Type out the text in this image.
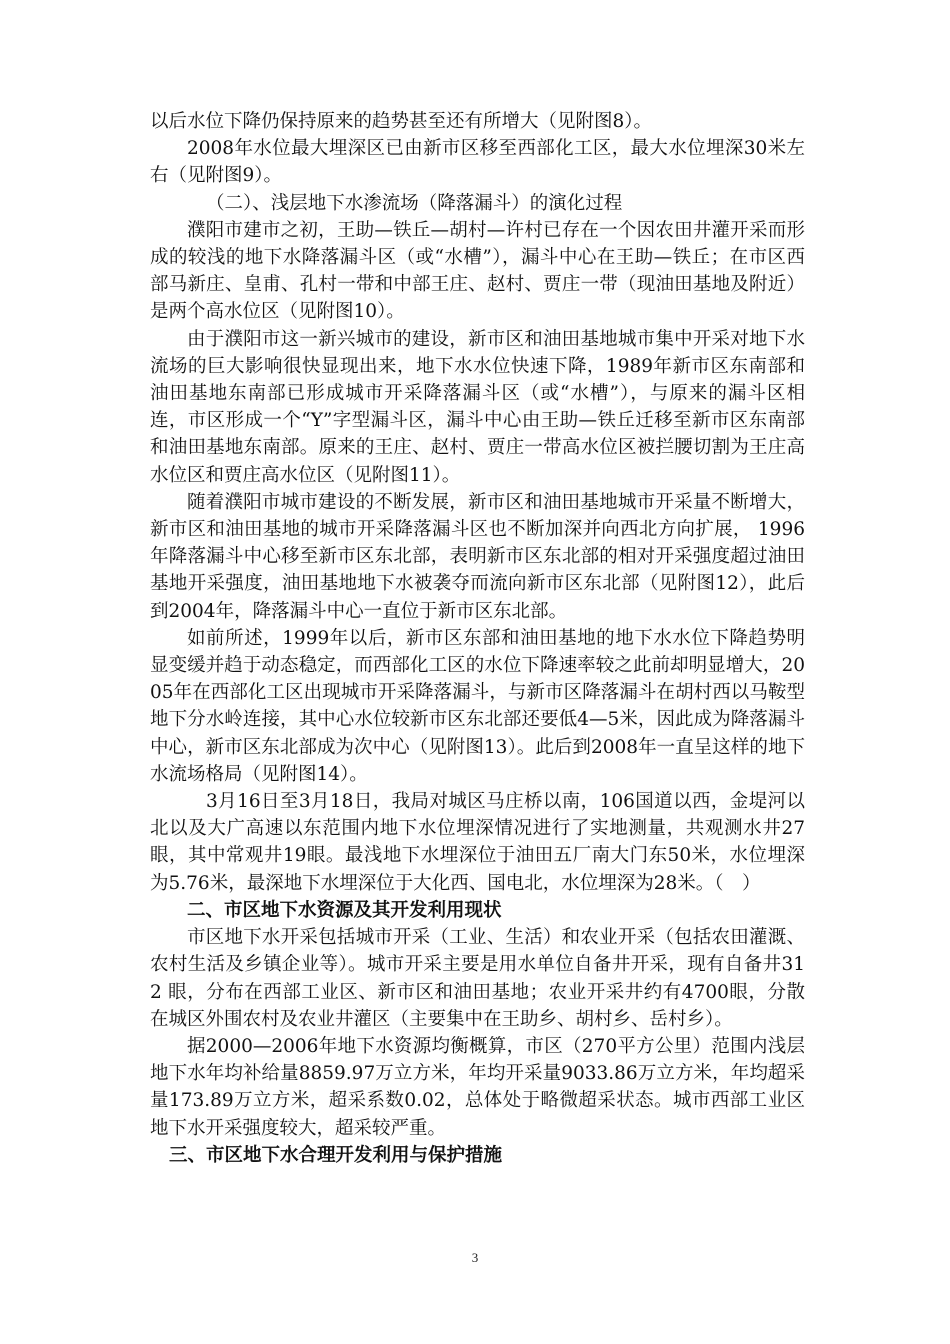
以后水位下降仍保持原来的趋势甚至还有所增大（见附图8）。

2008年水位最大埋深区已由新市区移至西部化工区，最大水位埋深30米左右（见附图9）。

（二）、浅层地下水渗流场（降落漏斗）的演化过程

濮阳市建市之初，王助—铁丘—胡村—许村已存在一个因农田井灌开采而形成的较浅的地下水降落漏斗区（或“水槽”），漏斗中心在王助—铁丘；在市区西部马新庄、皇甫、孔村一带和中部王庄、赵村、贾庄一带（现油田基地及附近）是两个高水位区（见附图10）。

由于濮阳市这一新兴城市的建设，新市区和油田基地城市集中开采对地下水流场的巨大影响很快显现出来，地下水水位快速下降，1989年新市区东南部和油田基地东南部已形成城市开采降落漏斗区（或“水槽”），与原来的漏斗区相连，市区形成一个“Y”字型漏斗区，漏斗中心由王助—铁丘迁移至新市区东南部和油田基地东南部。原来的王庄、赵村、贾庄一带高水位区被拦腰切割为王庄高水位区和贾庄高水位区（见附图11）。

随着濮阳市城市建设的不断发展，新市区和油田基地城市开采量不断增大，新市区和油田基地的城市开采降落漏斗区也不断加深并向西北方向扩展， 1996年降落漏斗中心移至新市区东北部，表明新市区东北部的相对开采强度超过油田基地开采强度，油田基地地下水被袭夺而流向新市区东北部（见附图12），此后到2004年，降落漏斗中心一直位于新市区东北部。

如前所述，1999年以后，新市区东部和油田基地的地下水水位下降趋势明显变缓并趋于动态稳定，而西部化工区的水位下降速率较之此前却明显增大，2005年在西部化工区出现城市开采降落漏斗，与新市区降落漏斗在胡村西以马鞍型地下分水岭连接，其中心水位较新市区东北部还要低4—5米，因此成为降落漏斗中心，新市区东北部成为次中心（见附图13）。此后到2008年一直呈这样的地下水流场格局（见附图14）。

3月16日至3月18日，我局对城区马庄桥以南，106国道以西，金堤河以北以及大广高速以东范围内地下水位埋深情况进行了实地测量，共观测水井27眼，其中常观井19眼。最浅地下水埋深位于油田五厂南大门东50米，水位埋深为5.76米，最深地下水埋深位于大化西、国电北，水位埋深为28米。（　）

二、市区地下水资源及其开发利用现状

市区地下水开采包括城市开采（工业、生活）和农业开采（包括农田灌溉、农村生活及乡镇企业等）。城市开采主要是用水单位自备井开采，现有自备井312 眼，分布在西部工业区、新市区和油田基地；农业开采井约有4700眼，分散在城区外围农村及农业井灌区（主要集中在王助乡、胡村乡、岳村乡）。

据2000—2006年地下水资源均衡概算，市区（270平方公里）范围内浅层地下水年均补给量8859.97万立方米，年均开采量9033.86万立方米，年均超采量173.89万立方米，超采系数0.02，总体处于略微超采状态。城市西部工业区地下水开采强度较大，超采较严重。

三、市区地下水合理开发利用与保护措施

3
